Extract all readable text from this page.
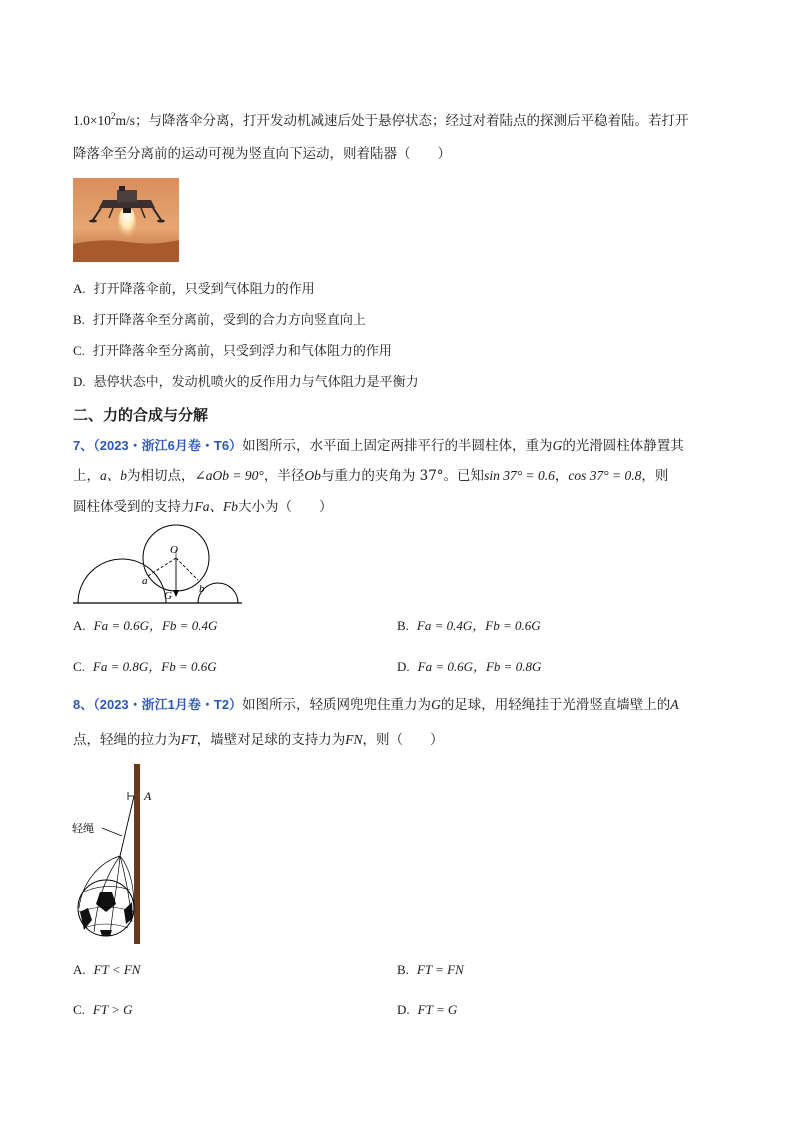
$1.0\times 10^2m/s$；与降落伞分离，打开发动机减速后处于悬停状态；经过对着陆点的探测后平稳着陆。若打开
降落伞至分离前的运动可视为竖直向下运动，则着陆器（　　）
A. 打开降落伞前，只受到气体阻力的作用
B. 打开降落伞至分离前，受到的合力方向竖直向上
C. 打开降落伞至分离前，只受到浮力和气体阻力的作用
D. 悬停状态中，发动机喷火的反作用力与气体阻力是平衡力
二、力的合成与分解
7、（2023・浙江6月卷・T6）如图所示，水平面上固定两排平行的半圆柱体，重为G的光滑圆柱体静置其
上，a、b为相切点，∠aOb = 90°，半径Ob与重力的夹角为 37°。已知sin 37° = 0.6，cos 37° = 0.8，则
圆柱体受到的支持力Fa、Fb大小为（　　）
O
a
b
G
A. Fa = 0.6G，Fb = 0.4G	B. Fa = 0.4G，Fb = 0.6G
C. Fa = 0.8G，Fb = 0.6G	D. Fa = 0.6G，Fb = 0.8G
8、（2023・浙江1月卷・T2）如图所示，轻质网兜兜住重力为G的足球，用轻绳挂于光滑竖直墙壁上的A
点，轻绳的拉力为FT，墙壁对足球的支持力为FN，则（　　）
A
轻绳
A. FT < FN	B. FT = FN
C. FT > G	D. FT = G
